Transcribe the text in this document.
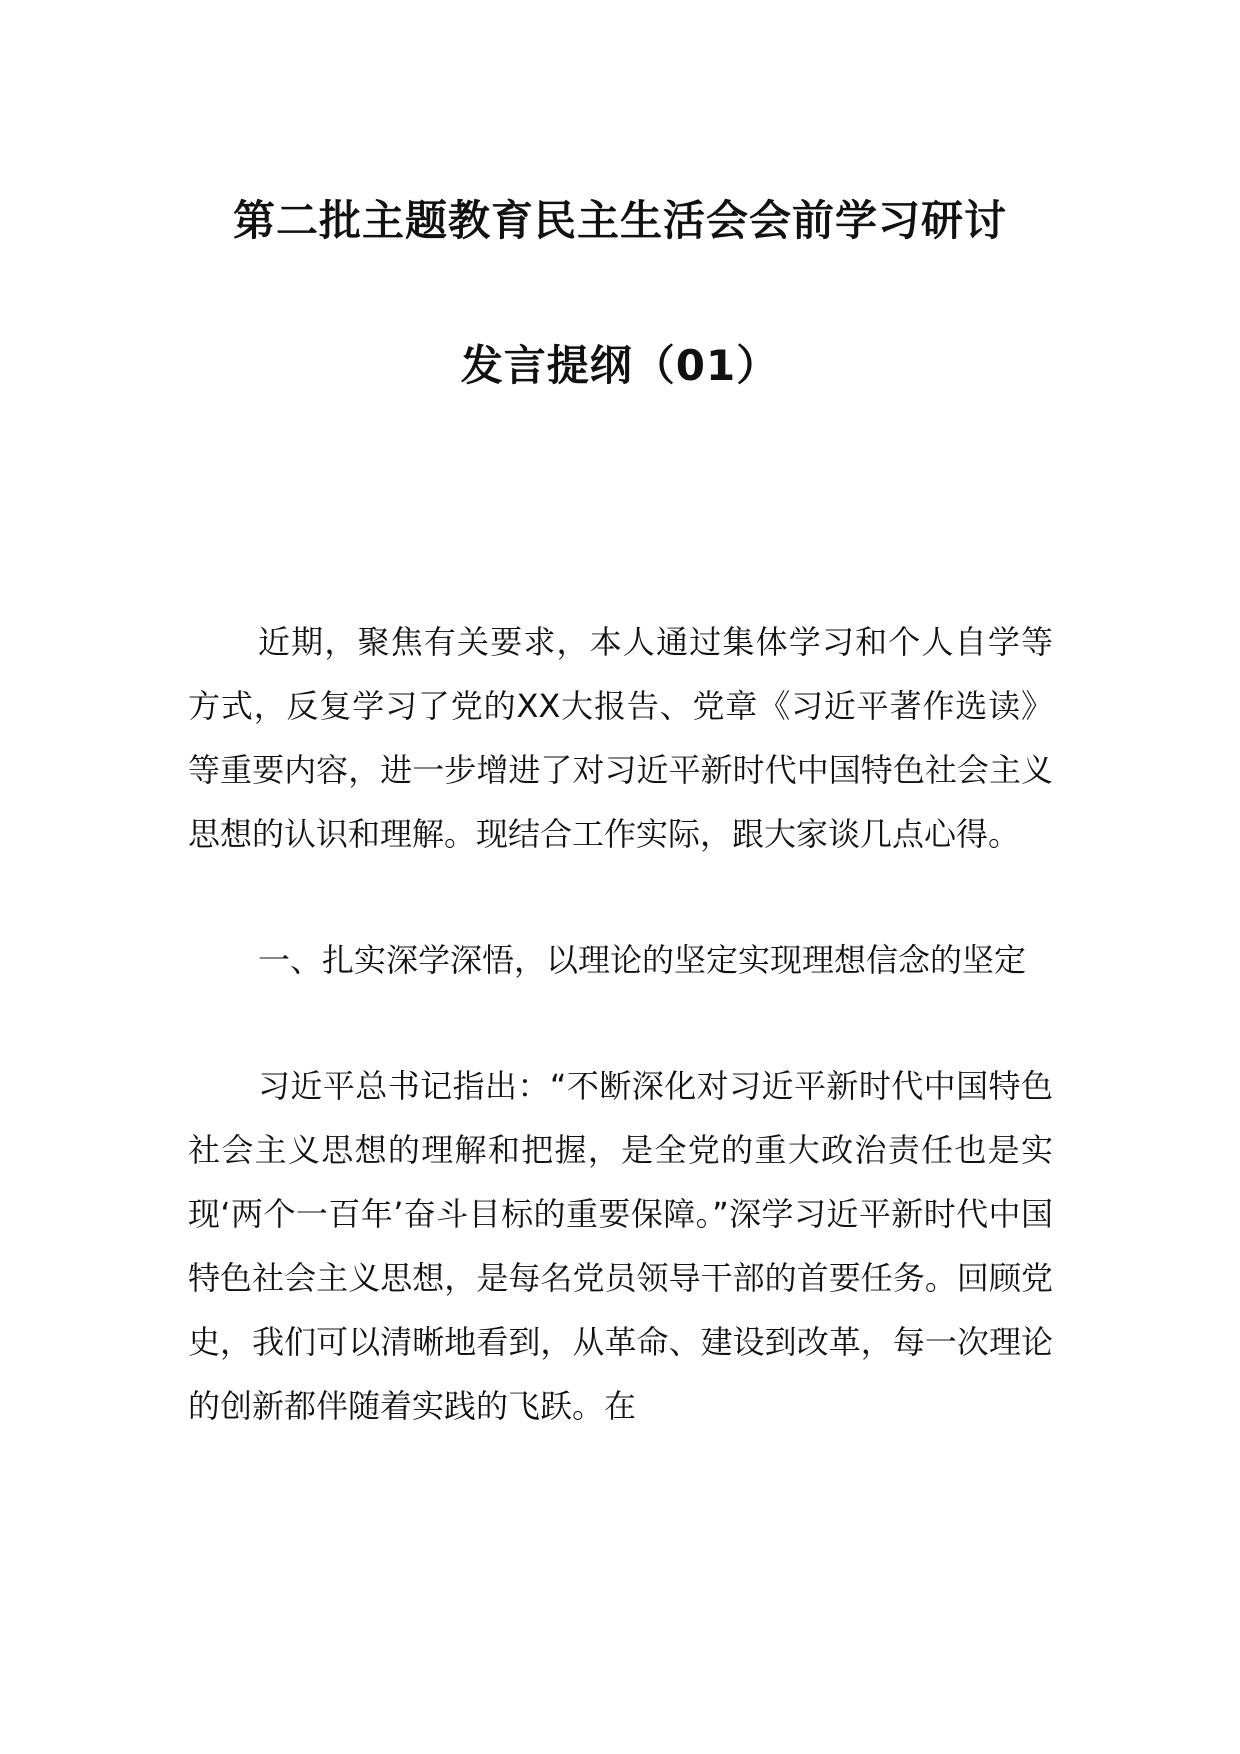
第二批主题教育民主生活会会前学习研讨

发言提纲（01）

近期，聚焦有关要求，本人通过集体学习和个人自学等方式，反复学习了党的XX大报告、党章《习近平著作选读》等重要内容，进一步增进了对习近平新时代中国特色社会主义思想的认识和理解。现结合工作实际，跟大家谈几点心得。

一、扎实深学深悟，以理论的坚定实现理想信念的坚定

习近平总书记指出：“不断深化对习近平新时代中国特色社会主义思想的理解和把握，是全党的重大政治责任也是实现‘两个一百年’奋斗目标的重要保障。”深学习近平新时代中国特色社会主义思想，是每名党员领导干部的首要任务。回顾党史，我们可以清晰地看到，从革命、建设到改革，每一次理论的创新都伴随着实践的飞跃。在
